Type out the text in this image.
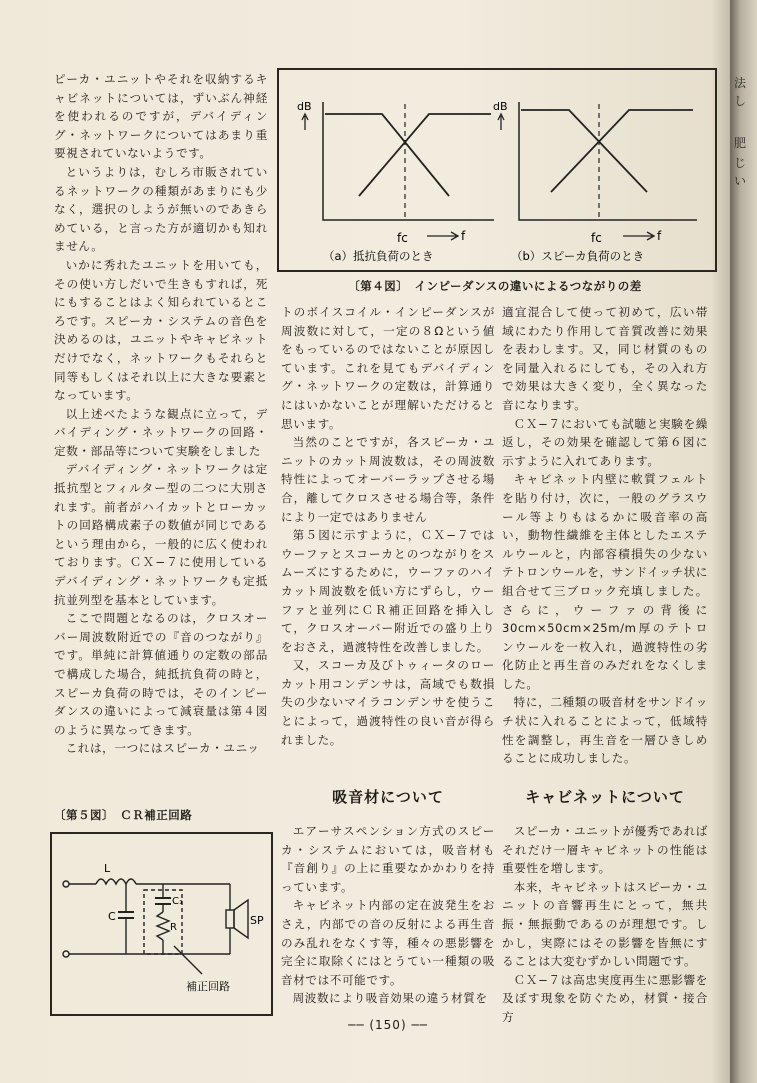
dB
fc	f
（a）抵抗負荷のとき
dB
fc	f
（b）スピーカ負荷のとき
〔第４図〕　インピーダンスの違いによるつながりの差

ピーカ・ユニットやそれを収納するキャビネットについては，ずいぶん神経を使われるのですが，デバイディング・ネットワークについてはあまり重要視されていないようです。

というよりは，むしろ市販されているネットワークの種類があまりにも少なく，選択のしようが無いのであきらめている，と言った方が適切かも知れません。

いかに秀れたユニットを用いても，その使い方しだいで生きもすれば，死にもすることはよく知られているところです。スピーカ・システムの音色を決めるのは，ユニットやキャビネットだけでなく，ネットワークもそれらと同等もしくはそれ以上に大きな要素となっています。

以上述べたような観点に立って，デバイディング・ネットワークの回路・定数・部品等について実験をしました

デバイディング・ネットワークは定抵抗型とフィルター型の二つに大別されます。前者がハイカットとローカットの回路構成素子の数値が同じであるという理由から，一般的に広く使われております。ＣＸ−７に使用しているデバイディング・ネットワークも定抵抗並列型を基本としています。

ここで問題となるのは，クロスオーバー周波数附近での『音のつながり』です。単純に計算値通りの定数の部品で構成した場合，純抵抗負荷の時と，スピーカ負荷の時では，そのインピーダンスの違いによって減衰量は第４図のように異なってきます。

これは，一つにはスピーカ・ユニッ

〔第５図〕　ＣＲ補正回路
L
C
C₁
R
SP
補正回路

トのボイスコイル・インピーダンスが周波数に対して，一定の８Ωという値をもっているのではないことが原因しています。これを見てもデバイディング・ネットワークの定数は，計算通りにはいかないことが理解いただけると思います。

当然のことですが，各スピーカ・ユニットのカット周波数は，その周波数特性によってオーバーラップさせる場合，離してクロスさせる場合等，条件により一定ではありません

第５図に示すように，ＣＸ−７ではウーファとスコーカとのつながりをスムーズにするために，ウーファのハイカット周波数を低い方にずらし，ウーファと並列にＣＲ補正回路を挿入して，クロスオーバー附近での盛り上りをおさえ，過渡特性を改善しました。

又，スコーカ及びトゥィータのローカット用コンデンサは，高域でも数損失の少ないマイラコンデンサを使うことによって，過渡特性の良い音が得られました。

適宜混合して使って初めて，広い帯域にわたり作用して音質改善に効果を表わします。又，同じ材質のものを同量入れるにしても，その入れ方で効果は大きく変り，全く異なった音になります。

ＣＸ−７においても試聴と実験を繰返し，その効果を確認して第６図に示すように入れてあります。

キャビネット内壁に軟質フェルトを貼り付け，次に，一般のグラスウール等よりもはるかに吸音率の高い，動物性繊維を主体としたエステルウールと，内部容積損失の少ないテトロンウールを，サンドイッチ状に組合せて三ブロック充填しました。さらに，ウーファの背後に30cm×50cm×25m/m厚のテトロンウールを一枚入れ，過渡特性の劣化防止と再生音のみだれをなくしました。

特に，二種類の吸音材をサンドイッチ状に入れることによって，低域特性を調整し，再生音を一層ひきしめることに成功しました。

吸音材について	キャビネットについて

エアーサスペンション方式のスピーカ・システムにおいては，吸音材も『音創り』の上に重要なかかわりを持っています。

キャビネット内部の定在波発生をおさえ，内部での音の反射による再生音のみ乱れをなくす等，種々の悪影響を完全に取除くにはとうてい一種類の吸音材では不可能です。

周波数により吸音効果の違う材質を

スピーカ・ユニットが優秀であればそれだけ一層キャビネットの性能は重要性を増します。

本来，キャビネットはスピーカ・ユニットの音響再生にとって，無共振・無振動であるのが理想です。しかし，実際にはその影響を皆無にすることは大変むずかしい問題です。

ＣＸ−７は高忠実度再生に悪影響を及ぼす現象を防ぐため，材質・接合方

── (150) ──
法
し
肥
じ
い
